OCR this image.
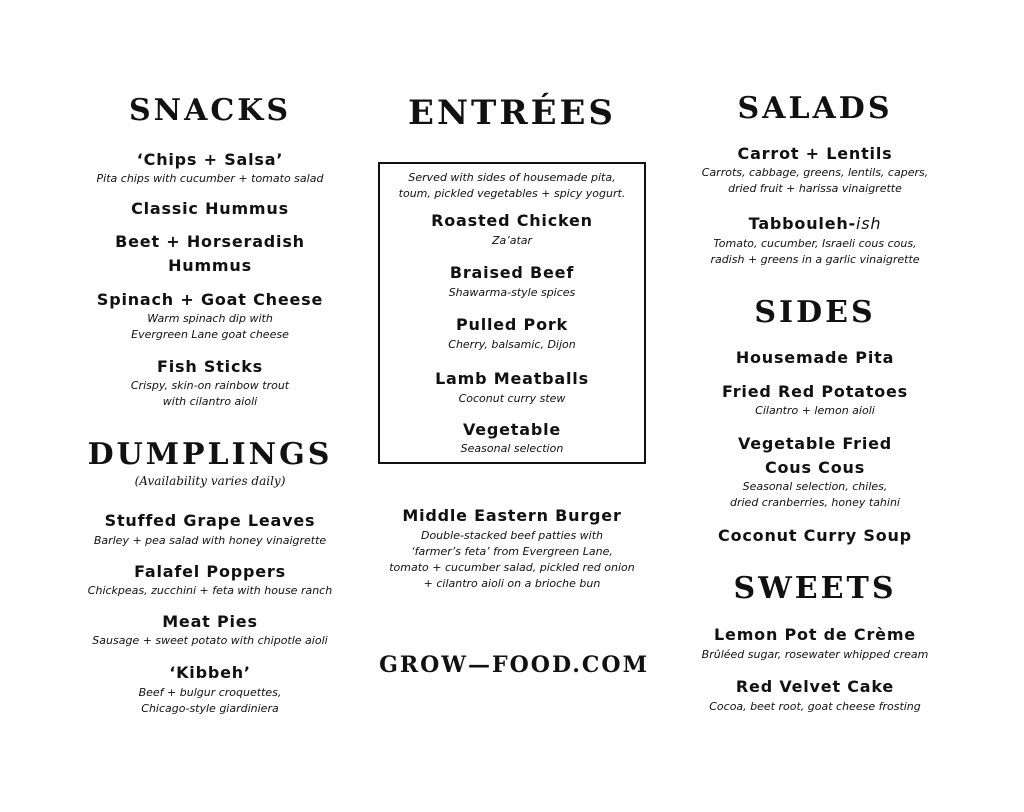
SNACKS

‘Chips + Salsa’

Pita chips with cucumber + tomato salad

Classic Hummus

Beet + Horseradish
Hummus

Spinach + Goat Cheese

Warm spinach dip with
Evergreen Lane goat cheese

Fish Sticks

Crispy, skin-on rainbow trout
with cilantro aioli

DUMPLINGS

(Availability varies daily)

Stuffed Grape Leaves

Barley + pea salad with honey vinaigrette

Falafel Poppers

Chickpeas, zucchini + feta with house ranch

Meat Pies

Sausage + sweet potato with chipotle aioli

‘Kibbeh’

Beef + bulgur croquettes,
Chicago-style giardiniera

ENTRÉES

Served with sides of housemade pita,
toum, pickled vegetables + spicy yogurt.

Roasted Chicken

Za’atar

Braised Beef

Shawarma-style spices

Pulled Pork

Cherry, balsamic, Dijon

Lamb Meatballs

Coconut curry stew

Vegetable

Seasonal selection

Middle Eastern Burger

Double-stacked beef patties with
‘farmer’s feta’ from Evergreen Lane,
tomato + cucumber salad, pickled red onion
+ cilantro aioli on a brioche bun

GROW—FOOD.COM
SALADS

Carrot + Lentils

Carrots, cabbage, greens, lentils, capers,
dried fruit + harissa vinaigrette

Tabbouleh-ish

Tomato, cucumber, Israeli cous cous,
radish + greens in a garlic vinaigrette

SIDES

Housemade Pita

Fried Red Potatoes

Cilantro + lemon aioli

Vegetable Fried
Cous Cous

Seasonal selection, chiles,
dried cranberries, honey tahini

Coconut Curry Soup

SWEETS

Lemon Pot de Crème

Brûléed sugar, rosewater whipped cream

Red Velvet Cake

Cocoa, beet root, goat cheese frosting
